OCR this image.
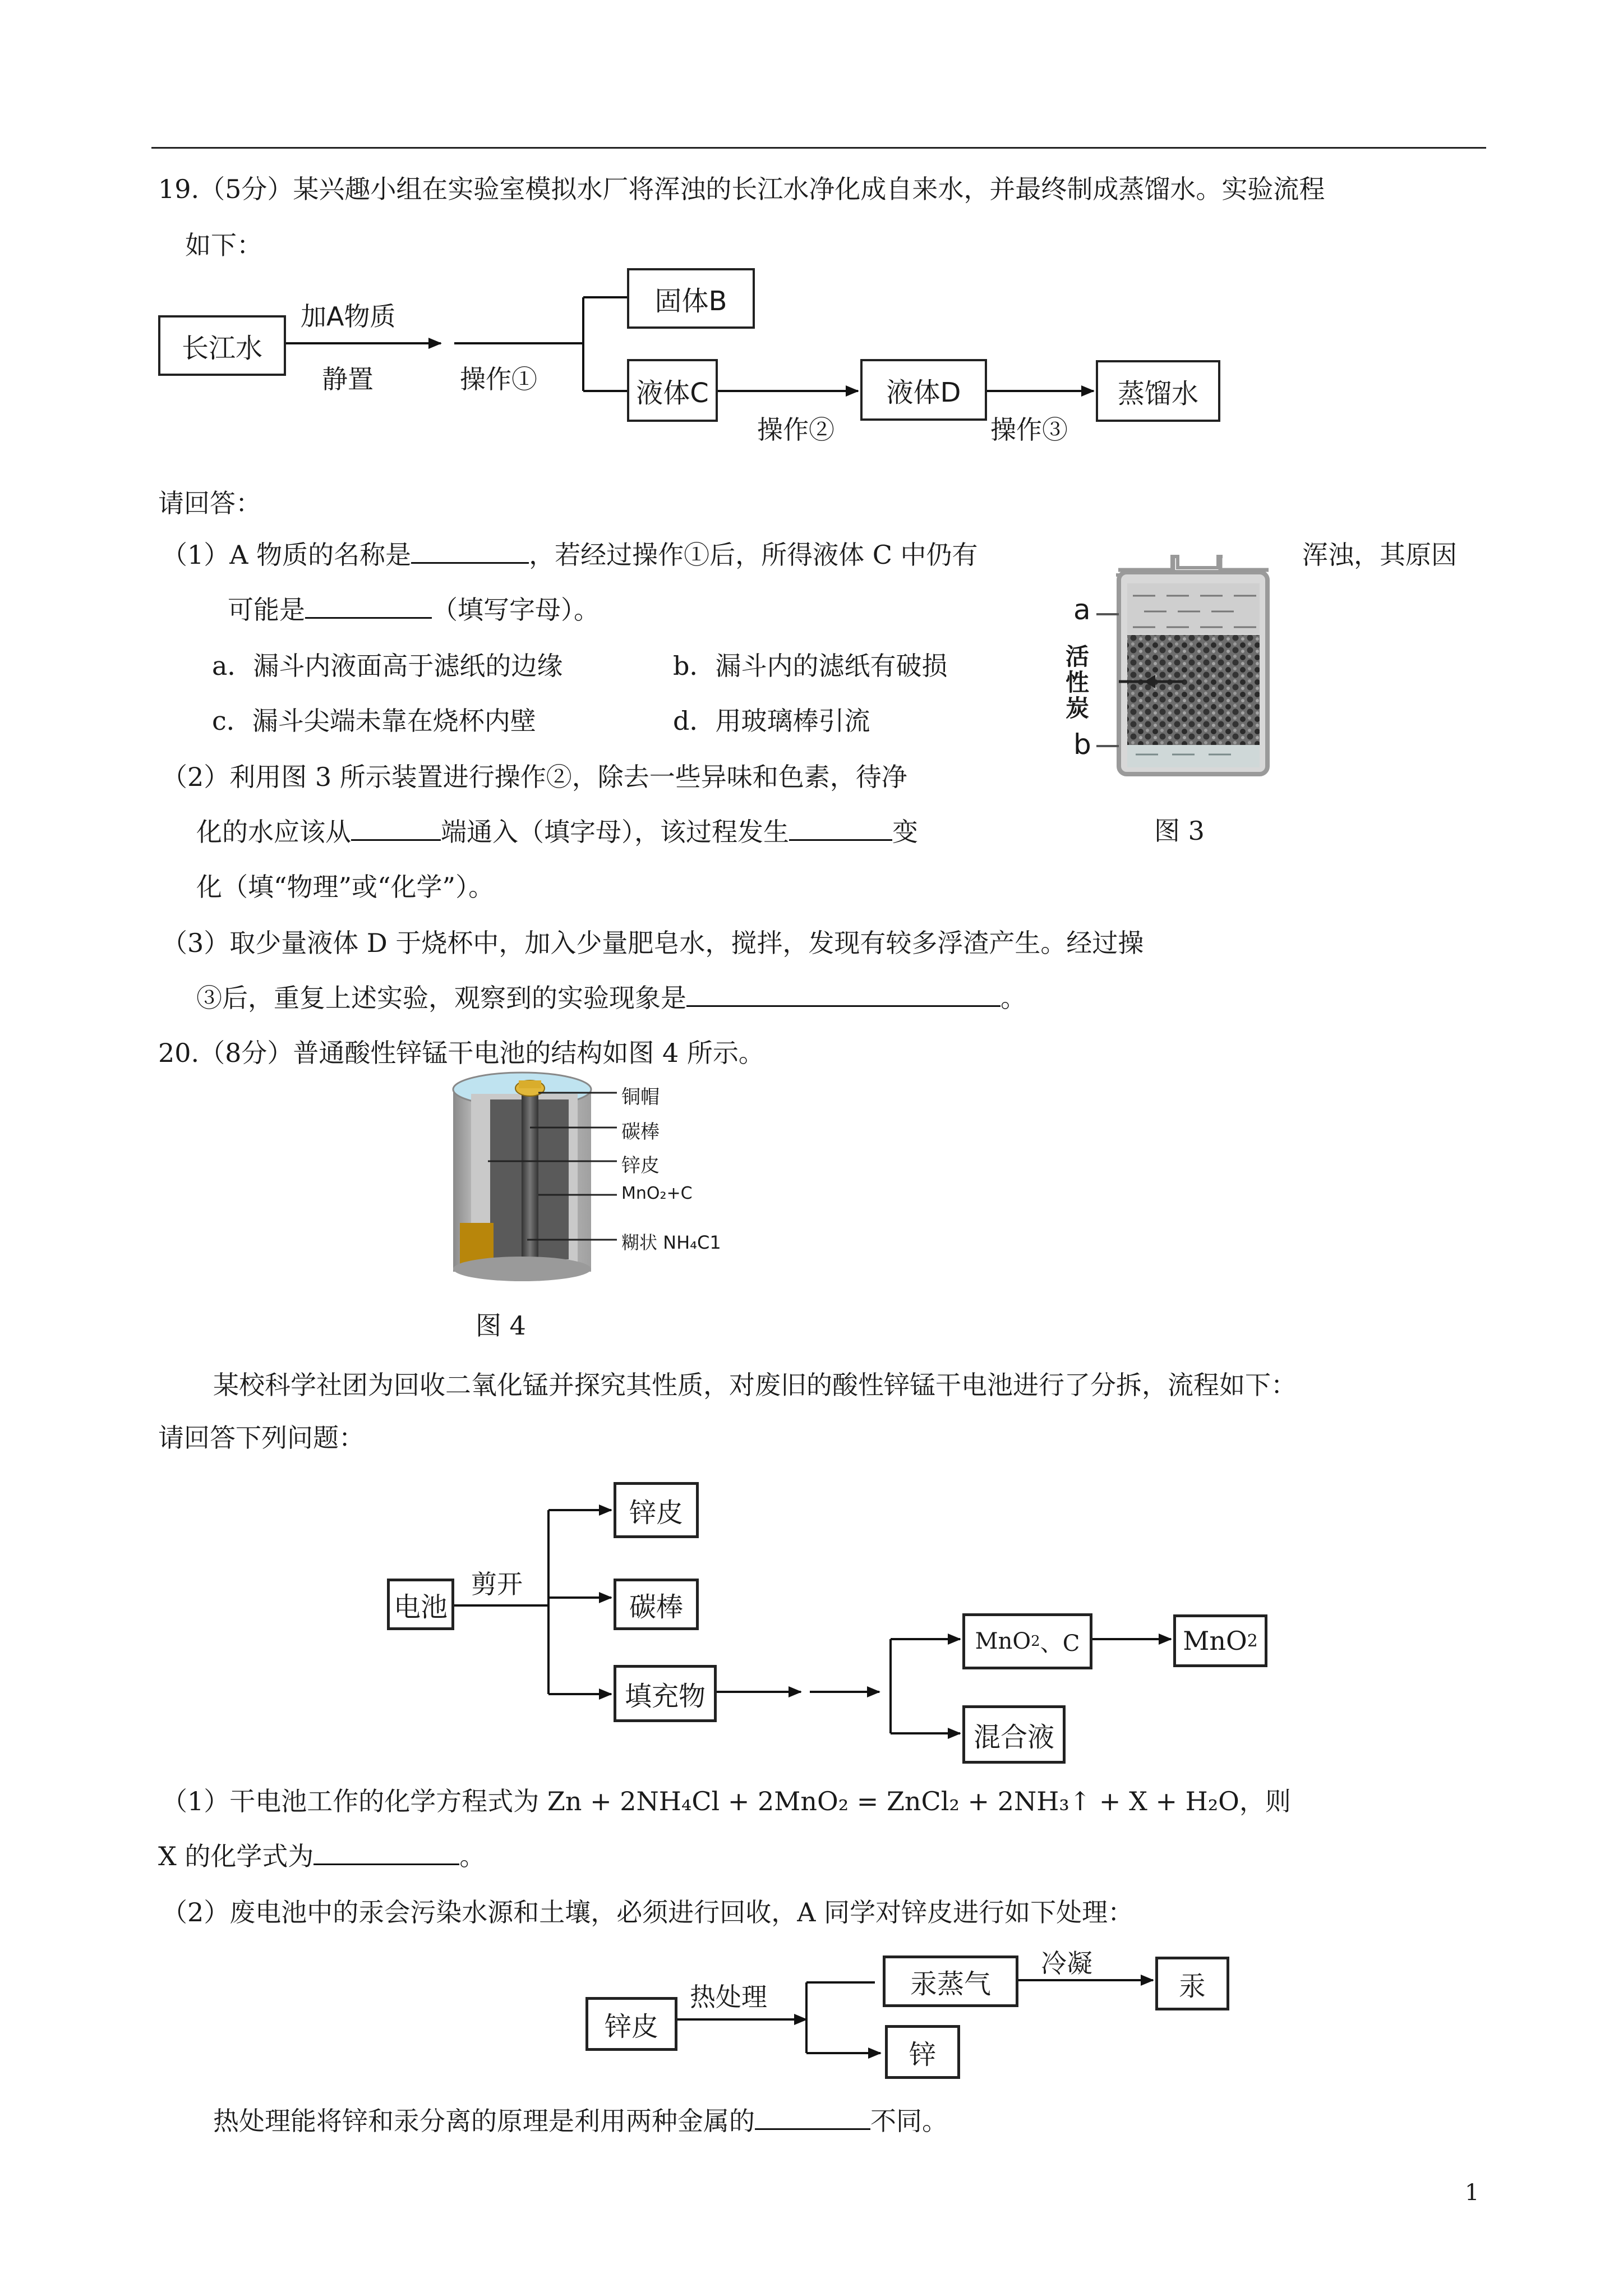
19.（5分）某兴趣小组在实验室模拟水厂将浑浊的长江水净化成自来水，并最终制成蒸馏水。实验流程
如下：
长江水
加A物质
静置	操作①
固体B
液体C
操作②
液体D
操作③
蒸馏水
请回答：
（1）A 物质的名称是	，若经过操作①后，所得液体 C 中仍有	浑浊，其原因
可能是	（填写字母）。
a．漏斗内液面高于滤纸的边缘	b．漏斗内的滤纸有破损
c．漏斗尖端未靠在烧杯内壁	d．用玻璃棒引流
（2）利用图 3 所示装置进行操作②，除去一些异味和色素，待净
化的水应该从	端通入（填字母），该过程发生	变
化（填“物理”或“化学”）。
a
b
活性炭
图 3
（3）取少量液体 D 于烧杯中，加入少量肥皂水，搅拌，发现有较多浮渣产生。经过操
③后，重复上述实验，观察到的实验现象是	。
20.（8分）普通酸性锌锰干电池的结构如图 4 所示。
铜帽
碳棒
锌皮
MnO₂+C
糊状 NH₄C1
图 4
某校科学社团为回收二氧化锰并探究其性质，对废旧的酸性锌锰干电池进行了分拆，流程如下：
请回答下列问题：
电池
剪开
锌皮
碳棒
填充物
MnO 2 、C	MnO 2
混合液
（1）干电池工作的化学方程式为 Zn + 2NH₄Cl + 2MnO₂ = ZnCl₂ + 2NH₃↑ + X + H₂O，则
X 的化学式为	。
（2）废电池中的汞会污染水源和土壤，必须进行回收，A 同学对锌皮进行如下处理：
锌皮
热处理	汞蒸气
冷凝
汞
锌
热处理能将锌和汞分离的原理是利用两种金属的	不同。
1
